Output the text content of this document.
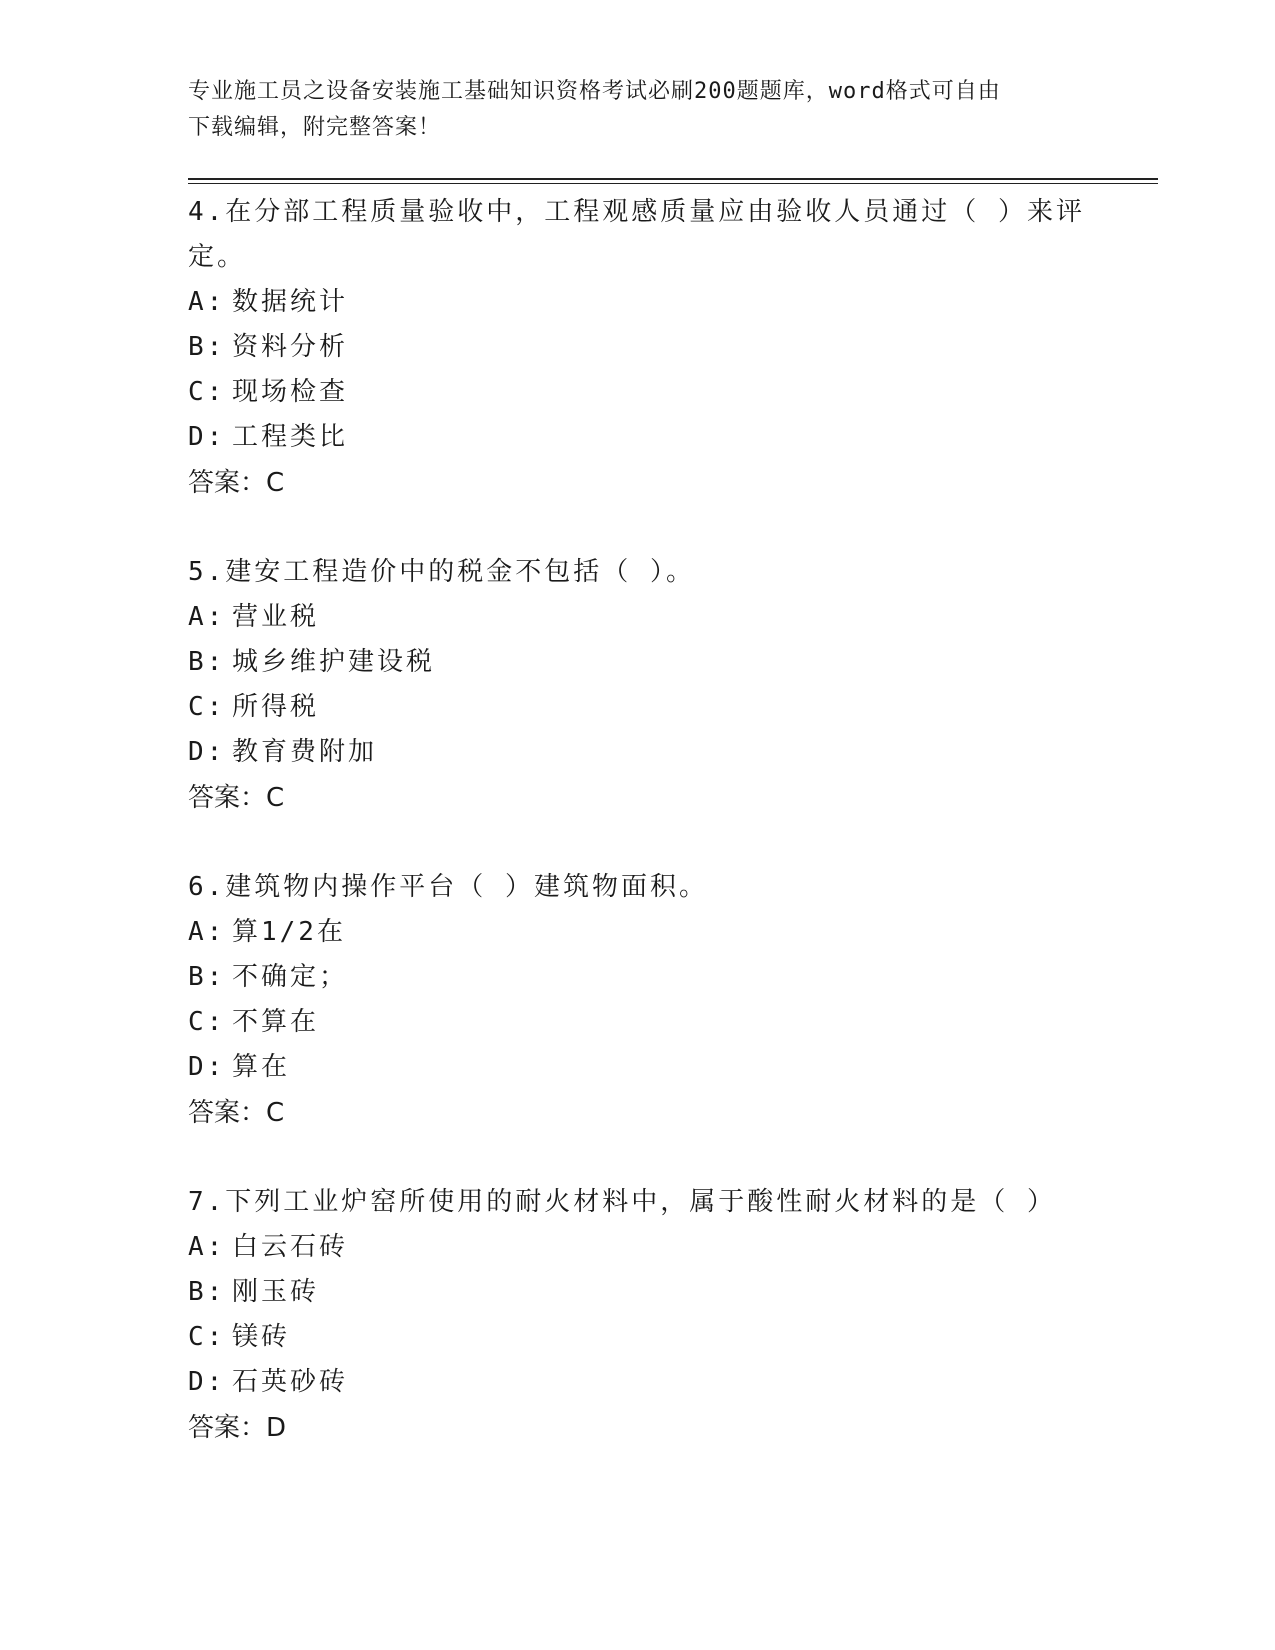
专业施工员之设备安装施工基础知识资格考试必刷200题题库，word格式可自由
下载编辑，附完整答案！

4.在分部工程质量验收中，工程观感质量应由验收人员通过（ ）来评
定。

A: 数据统计
B: 资料分析
C: 现场检查
D: 工程类比
答案：C

5.建安工程造价中的税金不包括（ ）。

A: 营业税
B: 城乡维护建设税
C: 所得税
D: 教育费附加
答案：C

6.建筑物内操作平台（ ）建筑物面积。

A: 算1/2在
B: 不确定；
C: 不算在
D: 算在
答案：C

7.下列工业炉窑所使用的耐火材料中，属于酸性耐火材料的是（ ）

A: 白云石砖
B: 刚玉砖
C: 镁砖
D: 石英砂砖
答案：D
